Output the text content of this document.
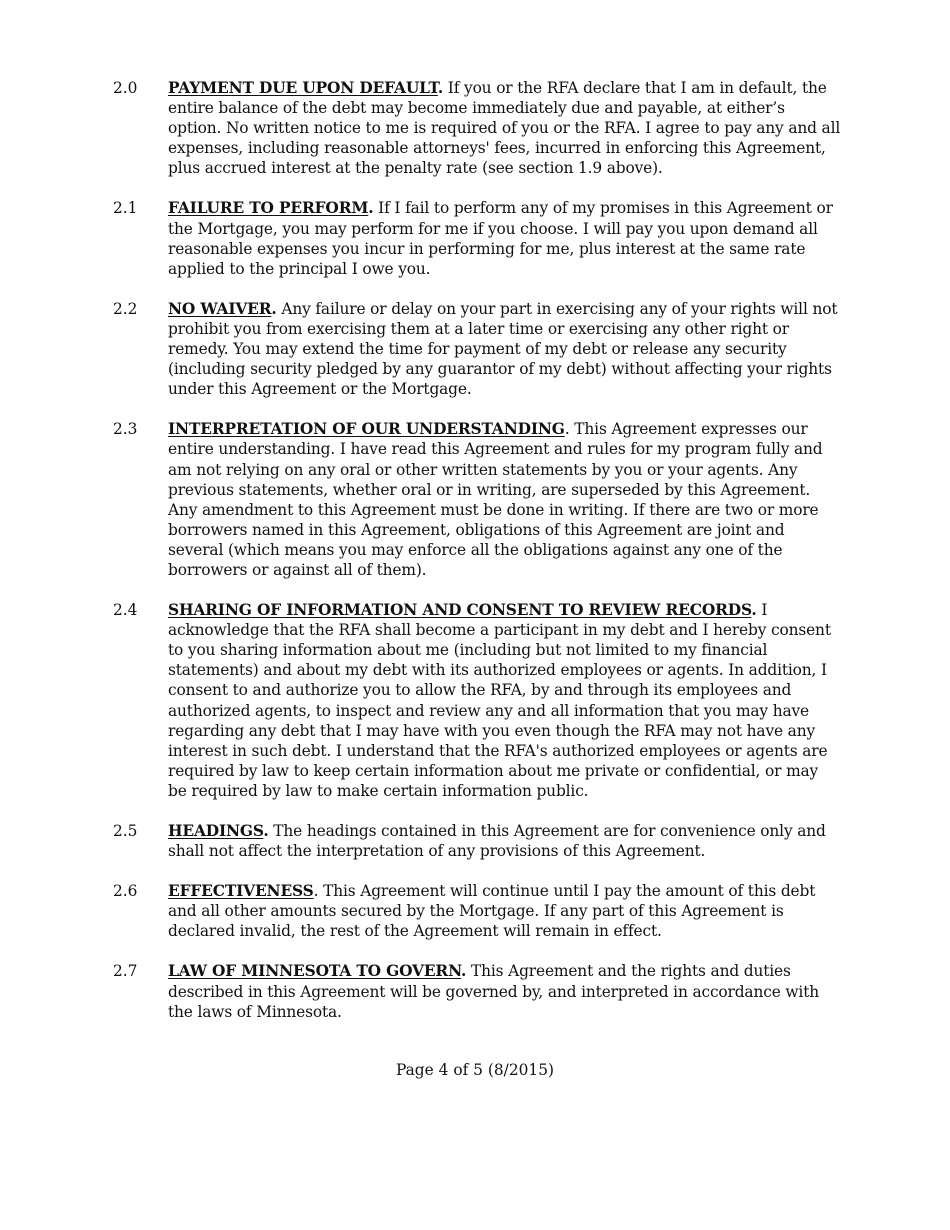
2.0	PAYMENT DUE UPON DEFAULT. If you or the RFA declare that I am in default, the entire balance of the debt may become immediately due and payable, at either’s option. No written notice to me is required of you or the RFA. I agree to pay any and all expenses, including reasonable attorneys' fees, incurred in enforcing this Agreement, plus accrued interest at the penalty rate (see section 1.9 above).
2.1	FAILURE TO PERFORM. If I fail to perform any of my promises in this Agreement or the Mortgage, you may perform for me if you choose. I will pay you upon demand all reasonable expenses you incur in performing for me, plus interest at the same rate applied to the principal I owe you.
2.2	NO WAIVER. Any failure or delay on your part in exercising any of your rights will not prohibit you from exercising them at a later time or exercising any other right or remedy. You may extend the time for payment of my debt or release any security (including security pledged by any guarantor of my debt) without affecting your rights under this Agreement or the Mortgage.
2.3	INTERPRETATION OF OUR UNDERSTANDING. This Agreement expresses our entire understanding. I have read this Agreement and rules for my program fully and am not relying on any oral or other written statements by you or your agents. Any previous statements, whether oral or in writing, are superseded by this Agreement. Any amendment to this Agreement must be done in writing. If there are two or more borrowers named in this Agreement, obligations of this Agreement are joint and several (which means you may enforce all the obligations against any one of the borrowers or against all of them).
2.4	SHARING OF INFORMATION AND CONSENT TO REVIEW RECORDS. I acknowledge that the RFA shall become a participant in my debt and I hereby consent to you sharing information about me (including but not limited to my financial statements) and about my debt with its authorized employees or agents. In addition, I consent to and authorize you to allow the RFA, by and through its employees and authorized agents, to inspect and review any and all information that you may have regarding any debt that I may have with you even though the RFA may not have any interest in such debt. I understand that the RFA's authorized employees or agents are required by law to keep certain information about me private or confidential, or may be required by law to make certain information public.
2.5	HEADINGS. The headings contained in this Agreement are for convenience only and shall not affect the interpretation of any provisions of this Agreement.
2.6	EFFECTIVENESS. This Agreement will continue until I pay the amount of this debt and all other amounts secured by the Mortgage. If any part of this Agreement is declared invalid, the rest of the Agreement will remain in effect.
2.7	LAW OF MINNESOTA TO GOVERN. This Agreement and the rights and duties described in this Agreement will be governed by, and interpreted in accordance with the laws of Minnesota.
Page 4 of 5 (8/2015)
